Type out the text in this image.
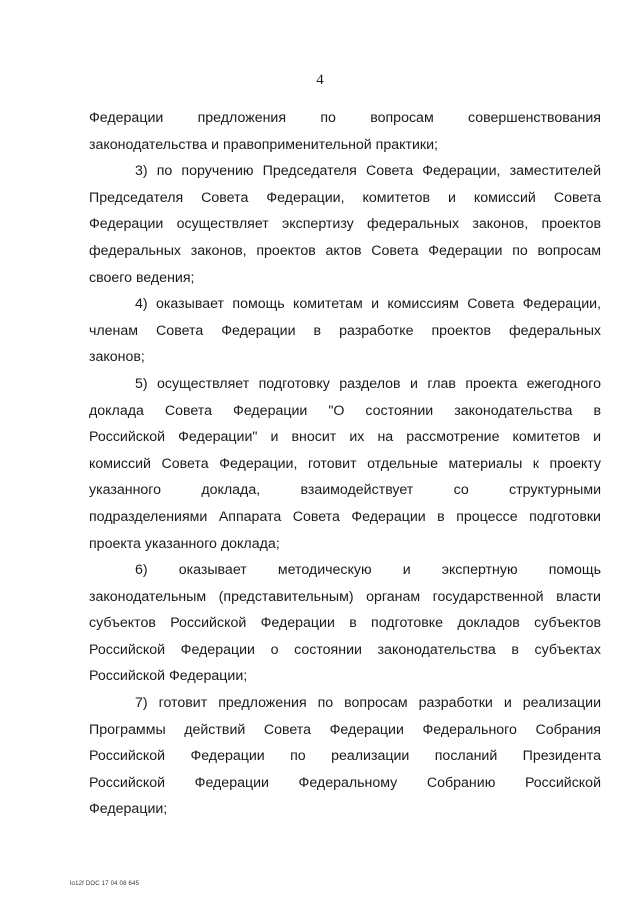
4

Федерации предложения по вопросам совершенствования
законодательства и правоприменительной практики;

3) по поручению Председателя Совета Федерации, заместителей
Председателя Совета Федерации, комитетов и комиссий Совета
Федерации осуществляет экспертизу федеральных законов, проектов
федеральных законов, проектов актов Совета Федерации по вопросам
своего ведения;

4) оказывает помощь комитетам и комиссиям Совета Федерации,
членам Совета Федерации в разработке проектов федеральных
законов;

5) осуществляет подготовку разделов и глав проекта ежегодного
доклада Совета Федерации "О состоянии законодательства в
Российской Федерации" и вносит их на рассмотрение комитетов и
комиссий Совета Федерации, готовит отдельные материалы к проекту
указанного доклада, взаимодействует со структурными
подразделениями Аппарата Совета Федерации в процессе подготовки
проекта указанного доклада;

6) оказывает методическую и экспертную помощь
законодательным (представительным) органам государственной власти
субъектов Российской Федерации в подготовке докладов субъектов
Российской Федерации о состоянии законодательства в субъектах
Российской Федерации;

7) готовит предложения по вопросам разработки и реализации
Программы действий Совета Федерации Федерального Собрания
Российской Федерации по реализации посланий Президента
Российской Федерации Федеральному Собранию Российской
Федерации;

lo12f DOC 17 04 08 645
